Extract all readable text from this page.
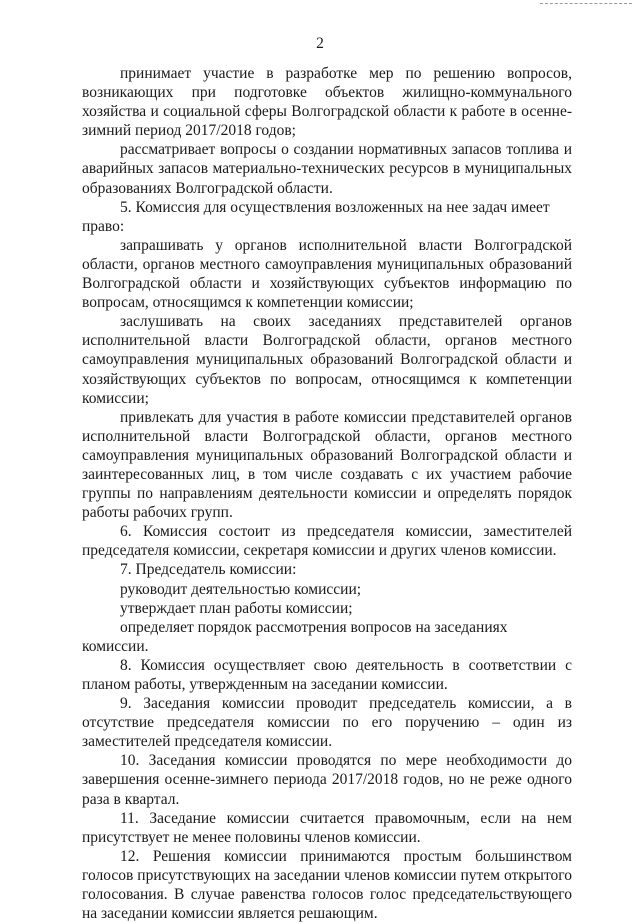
2

принимает участие в разработке мер по решению вопросов, возникающих при подготовке объектов жилищно-коммунального хозяйства и социальной сферы Волгоградской области к работе в осенне-зимний период 2017/2018 годов;

рассматривает вопросы о создании нормативных запасов топлива и аварийных запасов материально-технических ресурсов в муниципальных образованиях Волгоградской области.

5. Комиссия для осуществления возложенных на нее задач имеет право:

запрашивать у органов исполнительной власти Волгоградской области, органов местного самоуправления муниципальных образований Волгоградской области и хозяйствующих субъектов информацию по вопросам, относящимся к компетенции комиссии;

заслушивать на своих заседаниях представителей органов исполнительной власти Волгоградской области, органов местного самоуправления муниципальных образований Волгоградской области и хозяйствующих субъектов по вопросам, относящимся к компетенции комиссии;

привлекать для участия в работе комиссии представителей органов исполнительной власти Волгоградской области, органов местного самоуправления муниципальных образований Волгоградской области и заинтересованных лиц, в том числе создавать с их участием рабочие группы по направлениям деятельности комиссии и определять порядок работы рабочих групп.

6. Комиссия состоит из председателя комиссии, заместителей председателя комиссии, секретаря комиссии и других членов комиссии.

7. Председатель комиссии:

руководит деятельностью комиссии;

утверждает план работы комиссии;

определяет порядок рассмотрения вопросов на заседаниях комиссии.

8. Комиссия осуществляет свою деятельность в соответствии с планом работы, утвержденным на заседании комиссии.

9. Заседания комиссии проводит председатель комиссии, а в отсутствие председателя комиссии по его поручению – один из заместителей председателя комиссии.

10. Заседания комиссии проводятся по мере необходимости до завершения осенне-зимнего периода 2017/2018 годов, но не реже одного раза в квартал.

11. Заседание комиссии считается правомочным, если на нем присутствует не менее половины членов комиссии.

12. Решения комиссии принимаются простым большинством голосов присутствующих на заседании членов комиссии путем открытого голосования. В случае равенства голосов голос председательствующего на заседании комиссии является решающим.
